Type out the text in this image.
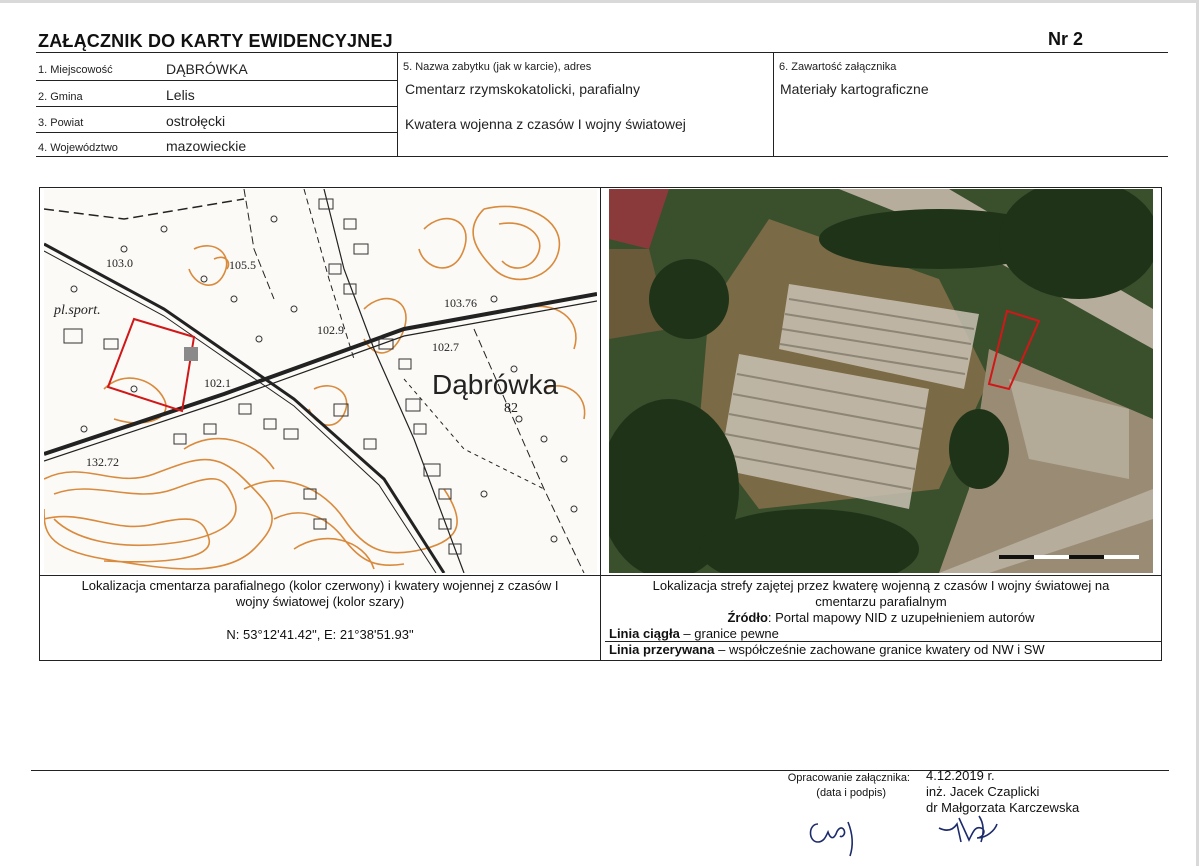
ZAŁĄCZNIK DO KARTY EWIDENCYJNEJ	Nr 2
1. Miejscowość	DĄBRÓWKA
2. Gmina	Lelis
3. Powiat	ostrołęcki
4. Województwo	mazowieckie
5. Nazwa zabytku (jak w karcie), adres
Cmentarz rzymskokatolicki, parafialny
Kwatera wojenna z czasów I wojny światowej
6. Zawartość załącznika
Materiały kartograficzne
Dąbrówka
pl.sport.
103.0	105.5
103.76
102.9
102.7
102.1
82
132.72
Lokalizacja cmentarza parafialnego (kolor czerwony) i kwatery wojennej z czasów I
wojny światowej (kolor szary)
N: 53°12'41.42", E: 21°38'51.93"
Lokalizacja strefy zajętej przez kwaterę wojenną z czasów I wojny światowej na
cmentarzu parafialnym
Źródło: Portal mapowy NID z uzupełnieniem autorów
Linia ciągła – granice pewne
Linia przerywana – współcześnie zachowane granice kwatery od NW i SW
Opracowanie załącznika:
(data i podpis)
4.12.2019 r.
inż. Jacek Czaplicki
dr Małgorzata Karczewska
